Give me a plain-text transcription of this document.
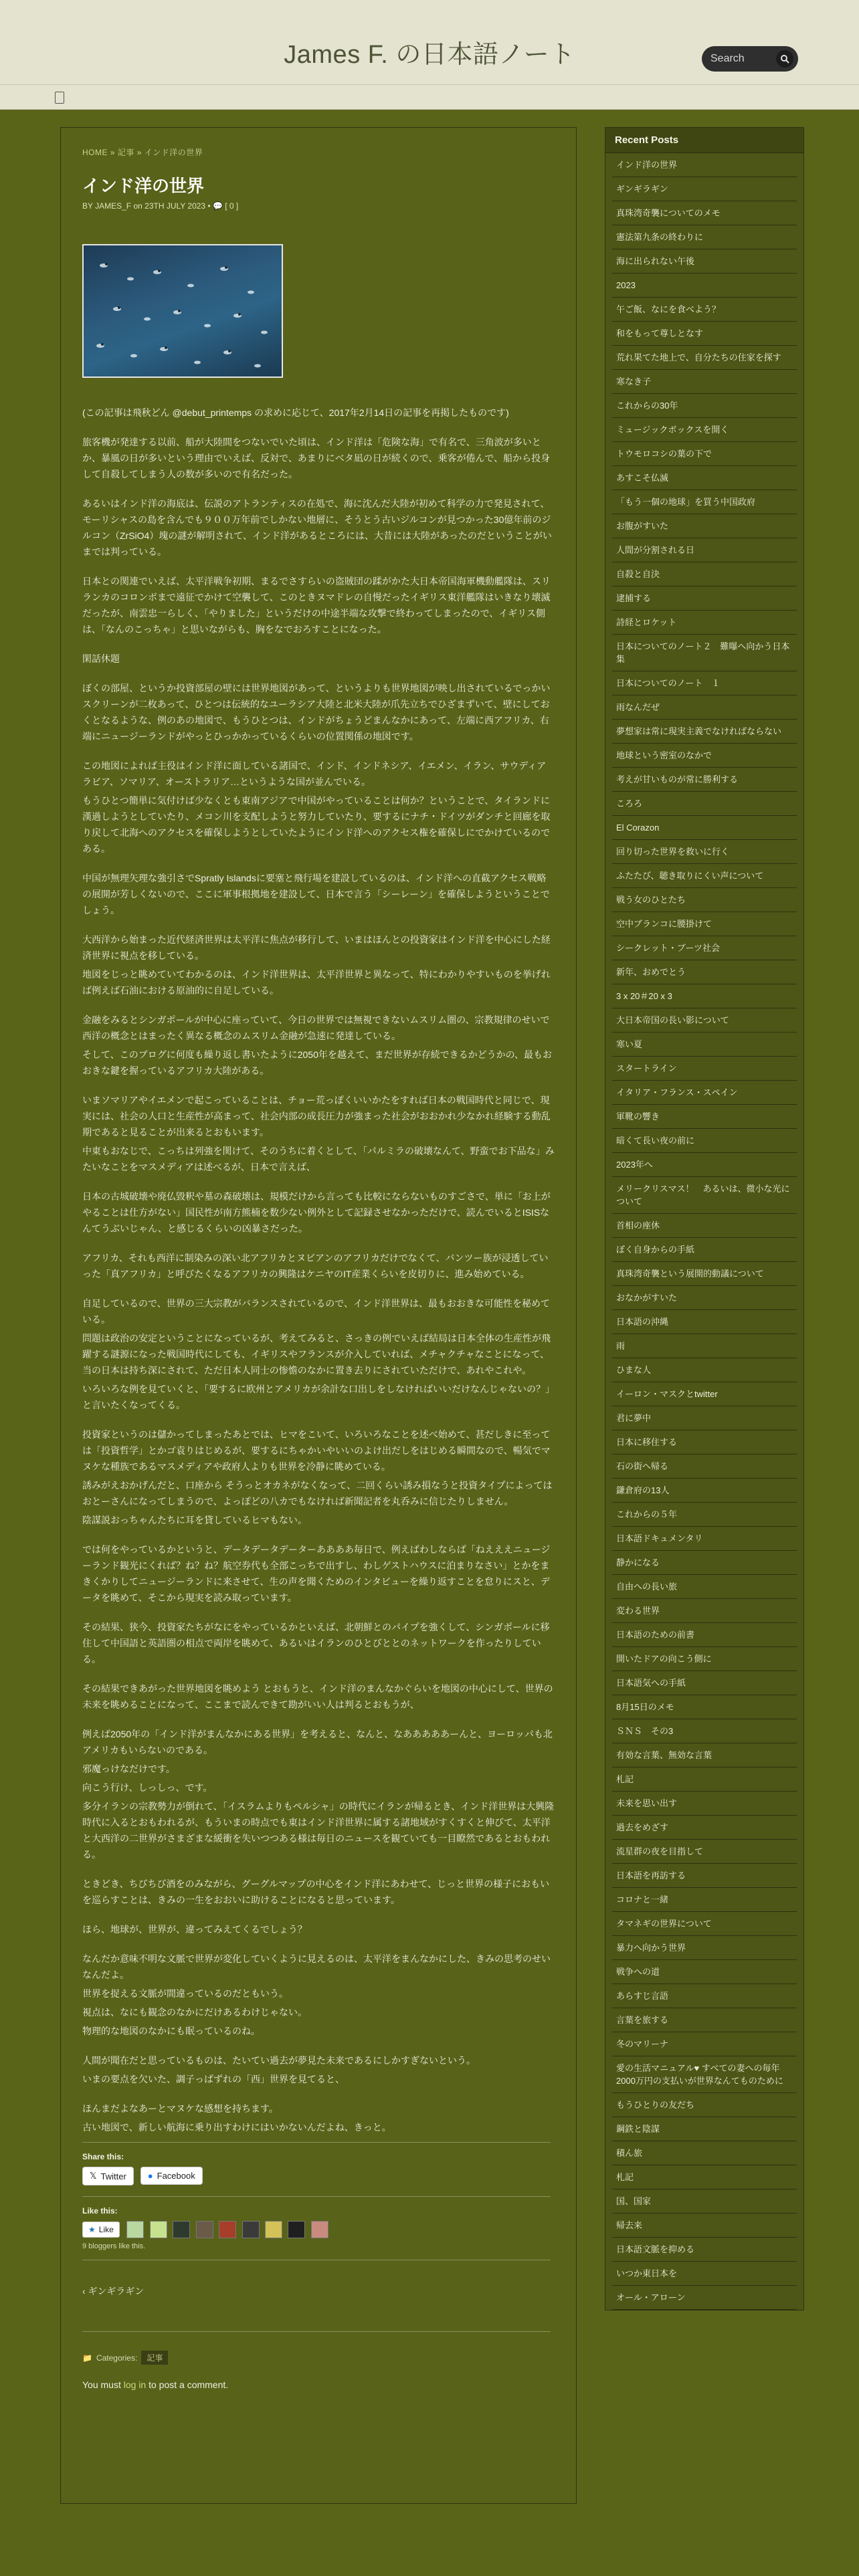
James F. の日本語ノート	Search
HOME » 記事 » インド洋の世界
インド洋の世界
BY JAMES_F on 23TH JULY 2023 • 💬 [ 0 ]

(この記事は飛秋どん @debut_printemps の求めに応じて、2017年2月14日の記事を再掲したものです)

旅客機が発達する以前、船が大陸間をつないでいた頃は、インド洋は「危険な海」で有名で、三角波が多いとか、暴風の日が多いという理由でいえば、反対で、あまりにベタ凪の日が続くので、乗客が倦んで、船から投身して自殺してしまう人の数が多いので有名だった。

あるいはインド洋の海底は、伝説のアトランティスの在処で、海に沈んだ大陸が初めて科学の力で発見されて、モーリシャスの島を含んでも９００万年前でしかない地層に、そうとう古いジルコンが見つかった30億年前のジルコン（ZrSiO4）塊の謎が解明されて、インド洋があるところには、大昔には大陸があったのだということがいまでは判っている。

日本との関連でいえば、太平洋戦争初期、まるでさすらいの盗賊団の蹂がかた大日本帝国海軍機動艦隊は、スリランカのコロンボまで遠征でかけて空襲して、このときヌマドレの自慢だったイギリス東洋艦隊はいきなり壊滅だったが、南雲忠一らしく、「やりました」というだけの中途半端な攻撃で終わってしまったので、イギリス側は、「なんのこっちゃ」と思いながらも、胸をなでおろすことになった。

閑話休題

ぼくの部屋、というか投資部屋の壁には世界地図があって、というよりも世界地図が映し出されているでっかいスクリーンが二枚あって、ひとつは伝統的なユーラシア大陸と北米大陸が爪先立ちでひざまずいて、壁にしておくとなるような、例のあの地図で、もうひとつは、インドがちょうどまんなかにあって、左端に西アフリカ、右端にニュージーランドがやっとひっかかっているくらいの位置関係の地図です。

この地図によれば主役はインド洋に面している諸国で、インド、インドネシア、イエメン、イラン、サウディアラビア、ソマリア、オーストラリア…というような国が並んでいる。

もうひとつ簡単に気付けば少なくとも東南アジアで中国がやっていることは何か？ということで、タイランドに漢過しようとしていたり、メコン川を支配しようと努力していたり、要するにナチ・ドイツがダンチと回廊を取り戻して北海へのアクセスを確保しようとしていたようにインド洋へのアクセス権を確保しにでかけているのである。

中国が無理矢理な強引さでSpratly Islandsに要塞と飛行場を建設しているのは、インド洋への直截アクセス戦略の展開が芳しくないので、ここに軍事根拠地を建設して、日本で言う「シーレーン」を確保しようということでしょう。

大西洋から始まった近代経済世界は太平洋に焦点が移行して、いまはほんとの投資家はインド洋を中心にした経済世界に視点を移している。

地図をじっと眺めていてわかるのは、インド洋世界は、太平洋世界と異なって、特にわかりやすいものを挙げれば例えば石油における原油的に自足している。

金融をみるとシンガポールが中心に座っていて、今日の世界では無視できないムスリム圏の、宗教規律のせいで西洋の概念とはまったく異なる概念のムスリム金融が急速に発達している。

そして、このブログに何度も繰り返し書いたように2050年を越えて、まだ世界が存続できるかどうかの、最もおおきな鍵を握っているアフリカ大陸がある。

いまソマリアやイエメンで起こっていることは、チョー荒っぽくいいかたをすれば日本の戦国時代と同じで、現実には、社会の人口と生産性が高まって、社会内部の成長圧力が強まった社会がおおかれ少なかれ経験する動乱期であると見ることが出来るとおもいます。

中東もおなじで、こっちは列強を関けて、そのうちに着くとして、「パルミラの破壊なんて、野蛮でお下品な」みたいなことをマスメディアは述べるが、日本で言えば、

日本の古城破壊や廃仏毀釈や墓の森破壊は、規模だけから言っても比較にならないものすごさで、単に「お上がやることは仕方がない」国民性が南方熊楠を数少ない例外として記録させなかっただけで、読んでいるとISISなんてうぶいじゃん、と感じるくらいの凶暴さだった。

アフリカ、それも西洋に制染みの深い北アフリカとヌビアンのアフリカだけでなくて、バンツー族が浸透していった「真アフリカ」と呼びたくなるアフリカの興隆はケニヤのIT産業くらいを皮切りに、進み始めている。

自足しているので、世界の三大宗教がバランスされているので、インド洋世界は、最もおおきな可能性を秘めている。

問題は政治の安定ということになっているが、考えてみると、さっきの例でいえば結局は日本全体の生産性が飛躍する謎源になった戦国時代にしても、イギリスやフランスが介入していれば、メチャクチャなことになって、当の日本は持ち深にされて、ただ日本人同士の惨憺のなかに置き去りにされていただけで、あれやこれや。

いろいろな例を見ていくと、「要するに欧州とアメリカが余計な口出しをしなければいいだけなんじゃないの？」と言いたくなってくる。

投資家というのは儲かってしまったあとでは、ヒマをこいて、いろいろなことを述べ始めて、甚だしきに至っては「投資哲学」とかゴ袁りはじめるが、要するにちゃかいやいいのよけ出だしをはじめる瞬間なので、暢気でマヌケな種族であるマスメディアや政府人よりも世界を冷静に眺めている。

誘みがえおかげんだと、口座から そうっとオカネがなくなって、二回くらい誘み損なうと投資タイプによってはおとーさんになってしまうので、よっぽどの八カでもなければ新聞記者を丸呑みに信じたりしません。

陰謀説おっちゃんたちに耳を貸しているヒマもない。

では何をやっているかというと、データデータデーターああああ毎日で、例えばわしならば「ねえええニュージーランド観光にくれば？ね？ね？航空券代も全部こっちで出すし、わしゲストハウスに泊まりなさい」とかをまきくかりしてニュージーランドに来させて、生の声を聞くためのインタビューを繰り返すことを怠りにスと、データを眺めて、そこから現実を読み取っています。

その結果、狭今、投資家たちがなにをやっているかといえば、北朝鮮とのパイプを強くして、シンガポールに移住して中国語と英語圏の相点で両岸を眺めて、あるいはイランのひとびととのネットワークを作ったりしている。

その結果できあがった世界地図を眺めよう とおもうと、インド洋のまんなかぐらいを地図の中心にして、世界の未来を眺めることになって、ここまで読んできて勘がいい人は判るとおもうが、

例えば2050年の「インド洋がまんなかにある世界」を考えると、なんと、なあああああーんと、ヨーロッパも北アメリカもいらないのである。

邪魔っけなだけです。

向こう行け、しっしっ、です。

多分イランの宗教勢力が倒れて、「イスラムよりもペルシャ」の時代にイランが帰るとき、インド洋世界は大興隆時代に入るとおもわれるが、もういまの時点でも東はインド洋世界に属する諸地域がすくすくと伸びて、太平洋と大西洋の二世界がさまざまな緩衝を失いつつある様は毎日のニュースを観ていても一目瞭然であるとおもわれる。

ときどき、ちびちび酒をのみながら、グーグルマップの中心をインド洋にあわせて、じっと世界の様子におもいを巡らすことは、きみの一生をおおいに助けることになると思っています。

ほら、地球が、世界が、違ってみえてくるでしょう？

なんだか意味不明な文脈で世界が変化していくように見えるのは、太平洋をまんなかにした、きみの思考のせいなんだよ。

世界を捉える文脈が間違っているのだともいう。

視点は、なにも観念のなかにだけあるわけじゃない。

物理的な地図のなかにも眠っているのね。

人間が聞在だと思っているものは、たいてい過去が夢見た未来であるにしかすぎないという。

いまの要点を欠いた、調子っぱずれの「西」世界を見てると、

ほんまだよなあーとマヌケな感想を持ちます。

古い地図で、新しい航海に乗り出すわけにはいかないんだよね、きっと。

Share this:
𝕏 Twitter ● Facebook
Like this:
★ Like

9 bloggers like this.
‹ ギンギラギン
📁 Categories:	記事
You must log in to post a comment.
Recent Posts
インド洋の世界
ギンギラギン
真珠湾奇襲についてのメモ
憲法第九条の終わりに
海に出られない午後
2023
午ご飯、なにを食べよう？
和をもって尊しとなす
荒れ果てた地上で、自分たちの住家を探す
寒なき子
これからの30年
ミュージックボックスを開く
トウモロコシの葉の下で
あすこそ仏滅
「もう一個の地球」を買う中国政府
お腹がすいた
人間が分割される日
自殺と自決
逮捕する
詩経とロケット
日本についてのノート２　難曝へ向かう日本集
日本についてのノート　１
雨なんだぜ
夢想家は常に現実主義でなければならない
地球という密室のなかで
考えが甘いものが常に勝利する
ころろ
El Corazon
回り切った世界を救いに行く
ふたたび、聴き取りにくい声について
戦う女のひとたち
空中ブランコに腰掛けて
シークレット・ブーツ社会
新年、おめでとう
3 x 20＃20 x 3
大日本帝国の長い影について
寒い夏
スタートライン
イタリア・フランス・スペイン
軍靴の響き
暗くて長い夜の前に
2023年へ
メリークリスマス！　あるいは、微小な光について
首相の座休
ぼく自身からの手紙
真珠湾奇襲という展開的動議について
おなかがすいた
日本語の沖縄
雨
ひまな人
イーロン・マスクとtwitter
君に夢中
日本に移住する
石の街へ帰る
鎌倉府の13人
これからの５年
日本語ドキュメンタリ
静かになる
自由への長い旅
変わる世界
日本語のための前書
開いたドアの向こう側に
日本語気への手紙
8月15日のメモ
ＳＮＳ　その3
有効な言葉、無効な言葉
札記
未来を思い出す
過去をめざす
流星群の夜を目指して
日本語を再訪する
コロナと一緒
タマネギの世界について
暴力へ向かう世界
戦争への道
あらすじ言語
言葉を旅する
冬のマリーナ
愛の生活マニュアル♥ すべての妻への毎年2000万円の支払いが世界なんてものために
もうひとりの友だち
鋼鉄と陰謀
積ん旅
札記
国、国家
帰去来
日本語文脈を抑める
いつか東日本を
オール・アローン
